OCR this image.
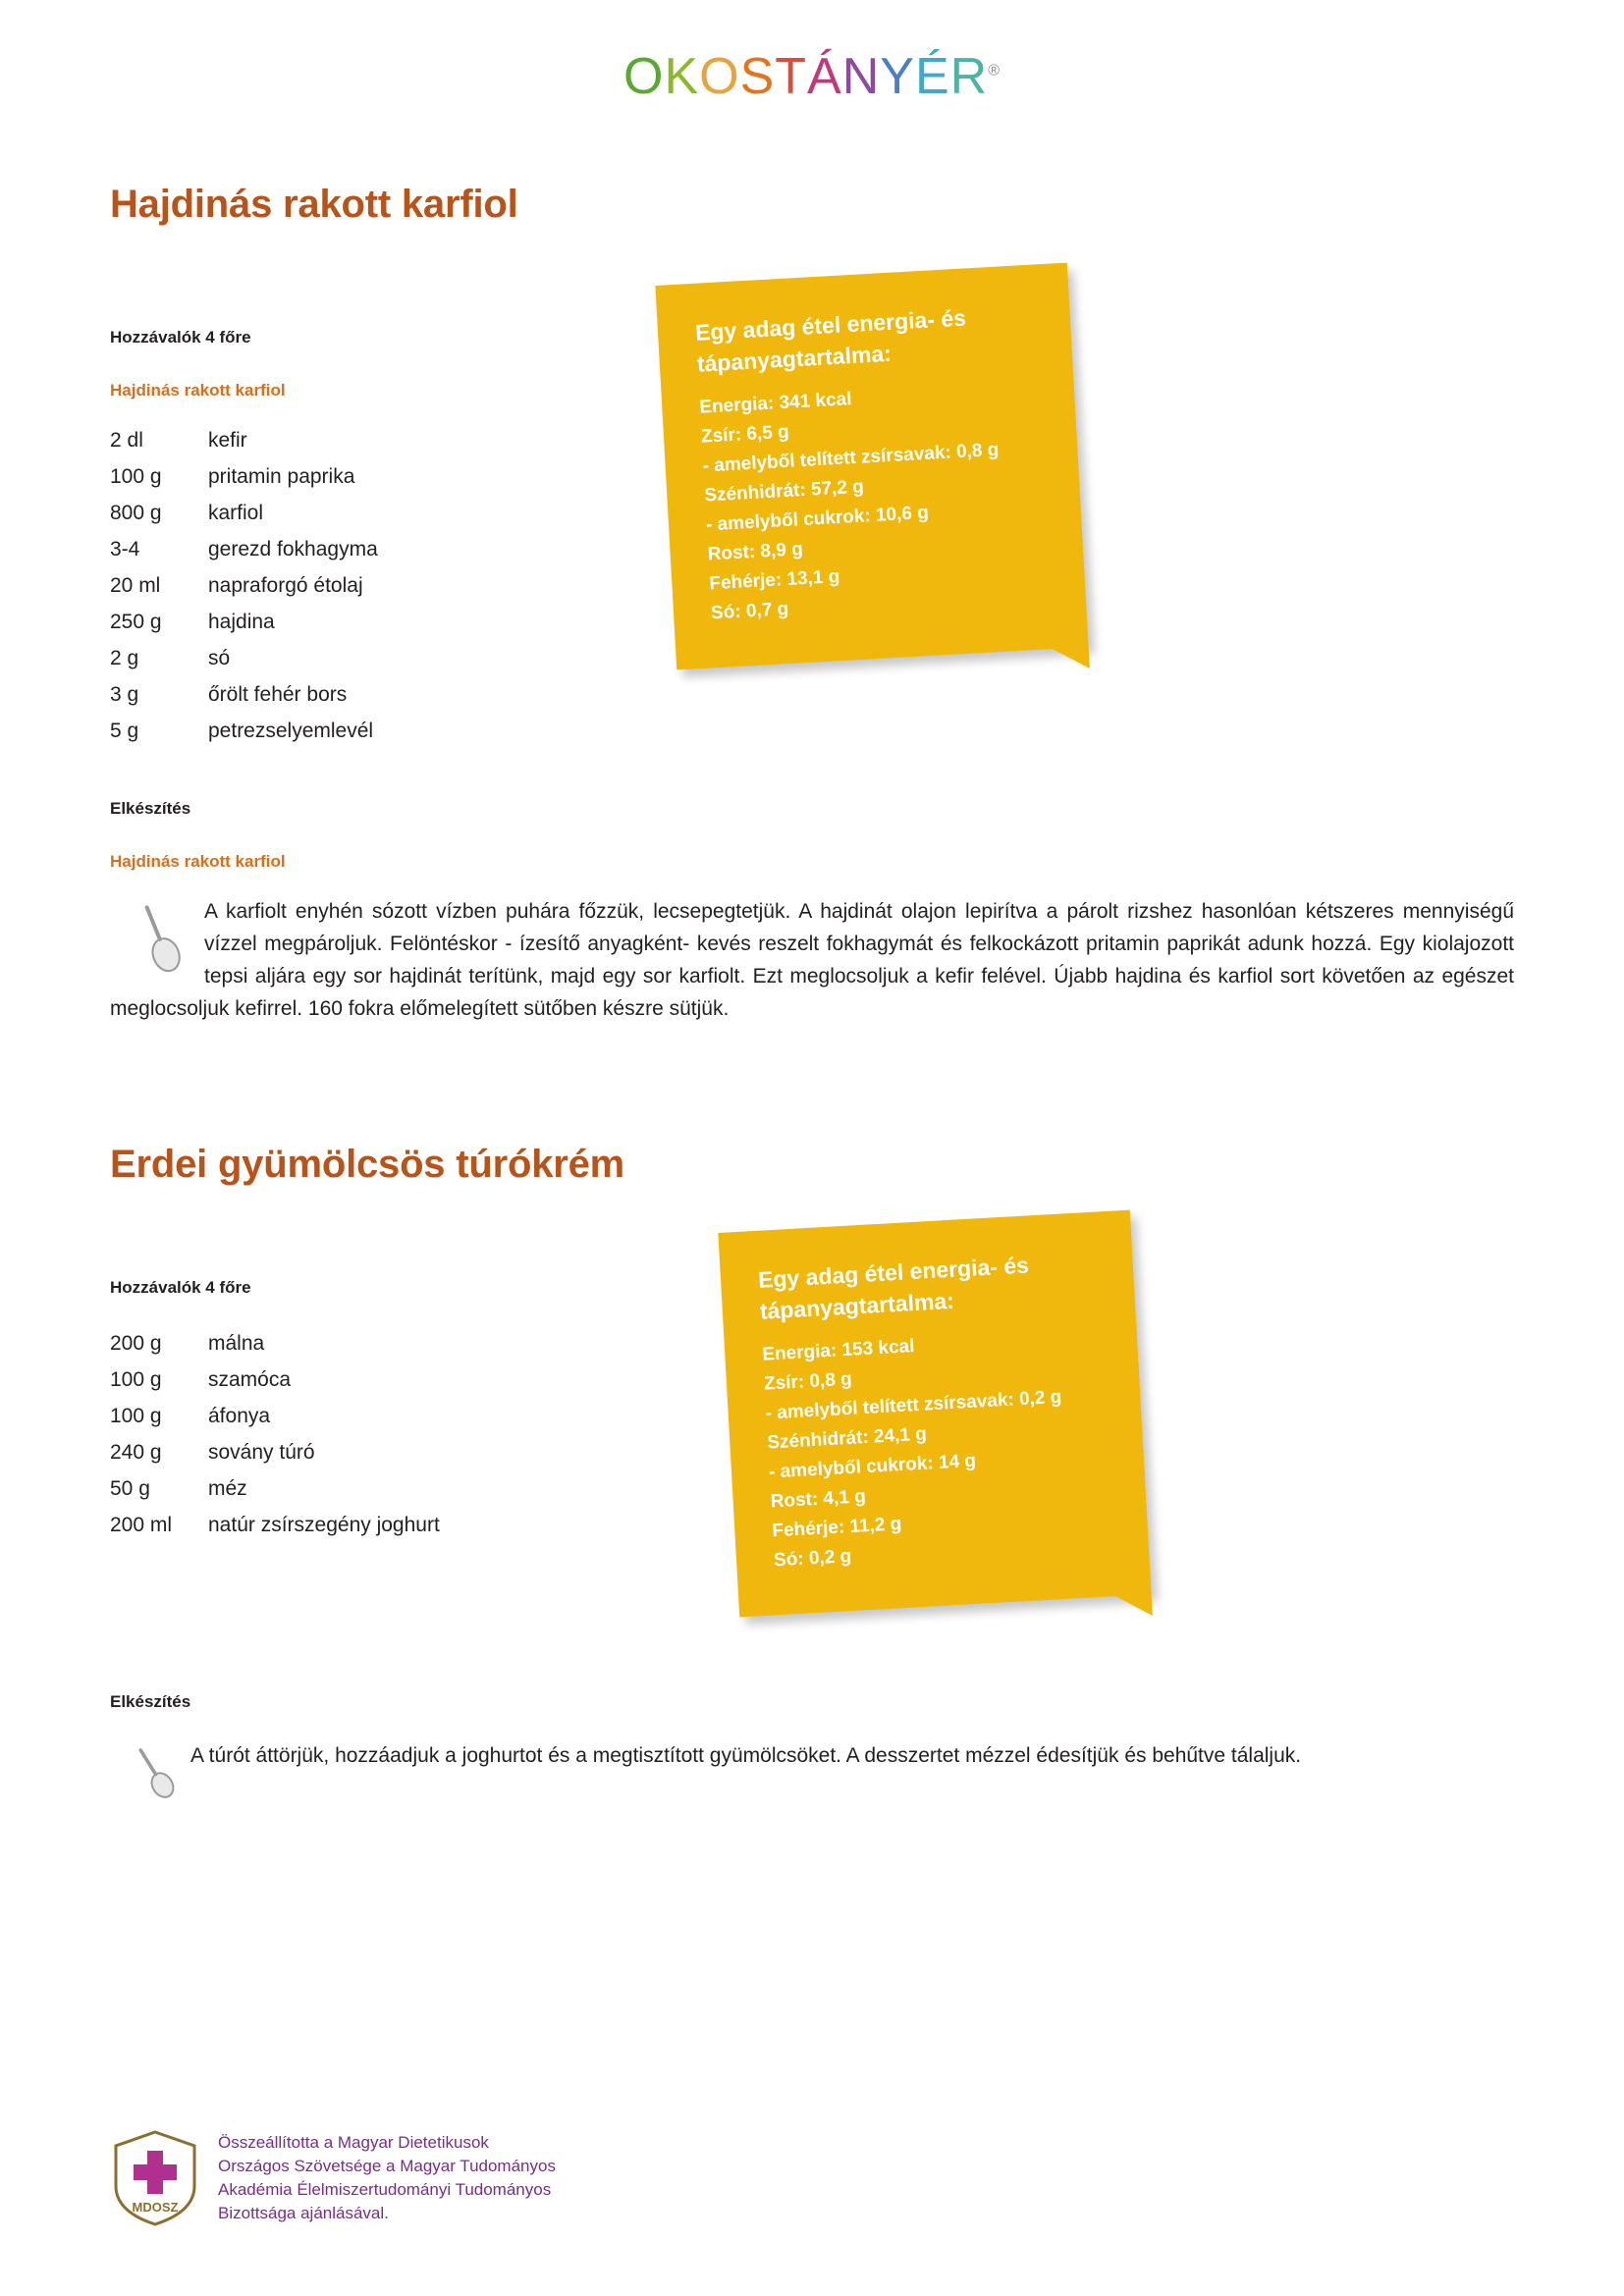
OKOSTÁNYÉR®
Hajdinás rakott karfiol
Egy adag étel energia- és tápanyagtartalma:
Energia: 341 kcal
Zsír: 6,5 g
- amelyből telített zsírsavak: 0,8 g
Szénhidrát: 57,2 g
- amelyből cukrok: 10,6 g
Rost: 8,9 g
Fehérje: 13,1 g
Só: 0,7 g

Hozzávalók 4 főre

Hajdinás rakott karfiol

2 dl	kefir
100 g	pritamin paprika
800 g	karfiol
3-4	gerezd fokhagyma
20 ml	napraforgó étolaj
250 g	hajdina
2 g	só
3 g	őrölt fehér bors
5 g	petrezselyemlevél

Elkészítés

Hajdinás rakott karfiol

A karfiolt enyhén sózott vízben puhára főzzük, lecsepegtetjük. A hajdinát olajon lepirítva a párolt rizshez hasonlóan kétszeres mennyiségű vízzel megpároljuk. Felöntéskor - ízesítő anyagként- kevés reszelt fokhagymát és felkockázott pritamin paprikát adunk hozzá. Egy kiolajozott tepsi aljára egy sor hajdinát terítünk, majd egy sor karfiolt. Ezt meglocsoljuk a kefir felével. Újabb hajdina és karfiol sort követően az egészet meglocsoljuk kefirrel. 160 fokra előmelegített sütőben készre sütjük.
Erdei gyümölcsös túrókrém
Egy adag étel energia- és tápanyagtartalma:
Energia: 153 kcal
Zsír: 0,8 g
- amelyből telített zsírsavak: 0,2 g
Szénhidrát: 24,1 g
- amelyből cukrok: 14 g
Rost: 4,1 g
Fehérje: 11,2 g
Só: 0,2 g

Hozzávalók 4 főre

200 g	málna
100 g	szamóca
100 g	áfonya
240 g	sovány túró
50 g	méz
200 ml	natúr zsírszegény joghurt

Elkészítés

A túrót áttörjük, hozzáadjuk a joghurtot és a megtisztított gyümölcsöket. A desszertet mézzel édesítjük és behűtve tálaljuk.
MDOSZ
Összeállította a Magyar Dietetikusok
Országos Szövetsége a Magyar Tudományos
Akadémia Élelmiszertudományi Tudományos
Bizottsága ajánlásával.
